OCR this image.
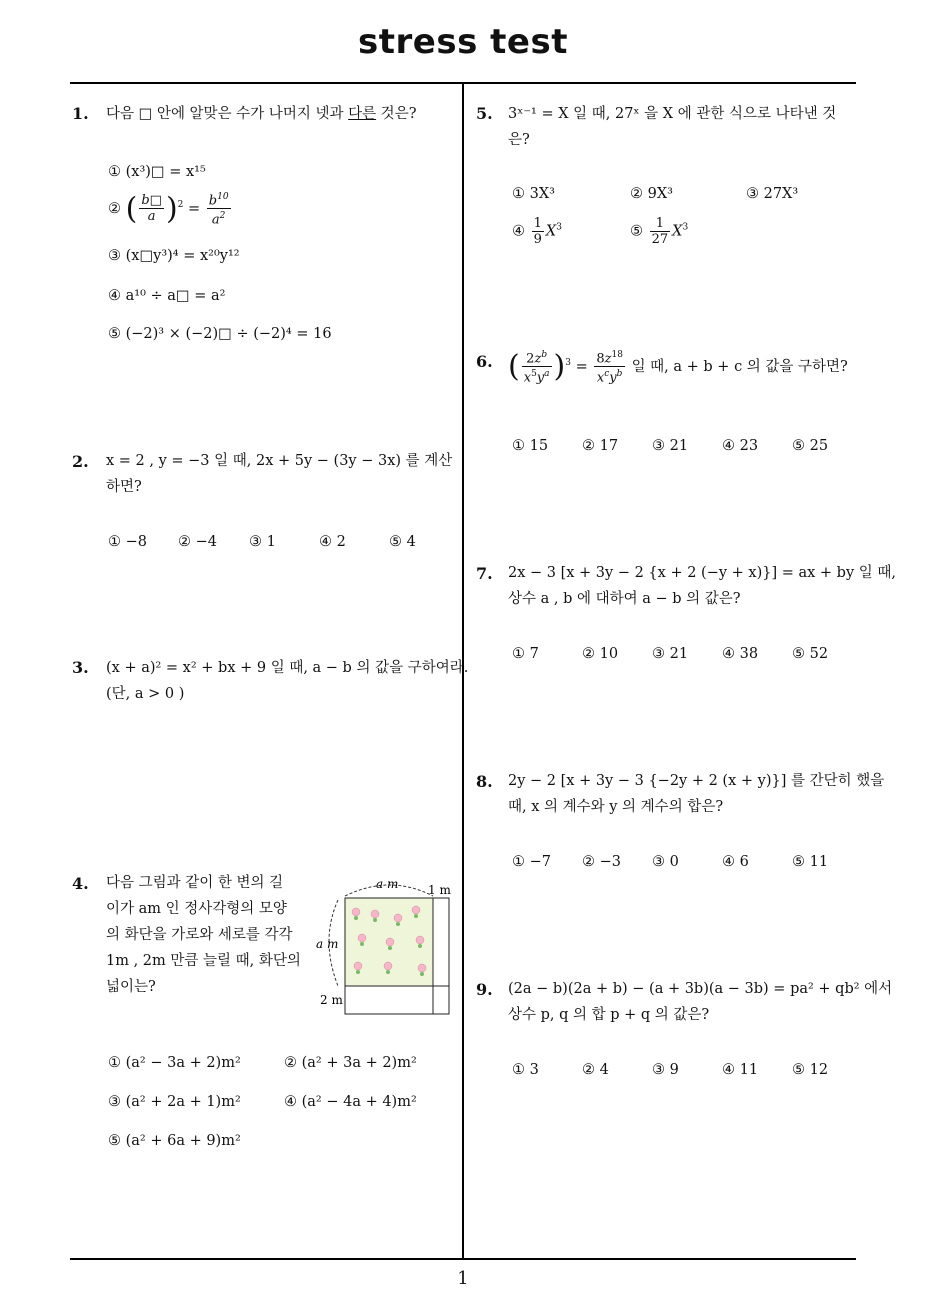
stress test
1
1. 다음 □ 안에 알맞은 수가 나머지 넷과 다른 것은?
① (x³)□ = x¹⁵
② ( $\frac{b□}{a} )^2 = \frac{b^{10}}{a^2}$
③ (x□y³)⁴ = x²⁰y¹²
④ a¹⁰ ÷ a□ = a²
⑤ (−2)³ × (−2)□ ÷ (−2)⁴ = 16
2. x = 2 , y = −3 일 때, 2x + 5y − (3y − 3x) 를 계산하면?
① −8 ② −4 ③ 1	④ 2	⑤ 4
3. (x + a)² = x² + bx + 9 일 때, a − b 의 값을 구하여라.
(단, a > 0 )
4. 다음 그림과 같이 한 변의 길
이가 am 인 정사각형의 모양
의 화단을 가로와 세로를 각각
1m , 2m 만큼 늘릴 때, 화단의
넓이는?
a m 1 m
a m
2 m
① (a² − 3a + 2)m²	② (a² + 3a + 2)m²
③ (a² + 2a + 1)m²	④ (a² − 4a + 4)m²
⑤ (a² + 6a + 9)m²
5. 3ˣ⁻¹ = X 일 때, 27ˣ 을 X 에 관한 식으로 나타낸 것
은?
① 3X³	② 9X³	③ 27X³
④ $\frac{1}{9} X^3$	⑤ $\frac{1}{27} X^3$
6. ( $\frac{2z^b}{x^5y^a} )^3 = \frac{8z^{18}}{x^cy^b}$ 일 때, a + b + c 의 값을 구하면?
① 15 ② 17 ③ 21 ④ 23 ⑤ 25
7. 2x − 3 [x + 3y − 2 {x + 2 (−y + x)}] = ax + by 일 때,
상수 a , b 에 대하여 a − b 의 값은?
① 7	② 10 ③ 21 ④ 38 ⑤ 52
8. 2y − 2 [x + 3y − 3 {−2y + 2 (x + y)}] 를 간단히 했을
때, x 의 계수와 y 의 계수의 합은?
① −7 ② −3 ③ 0	④ 6	⑤ 11
9. (2a − b)(2a + b) − (a + 3b)(a − 3b) = pa² + qb² 에서
상수 p, q 의 합 p + q 의 값은?
① 3	② 4	③ 9	④ 11 ⑤ 12
